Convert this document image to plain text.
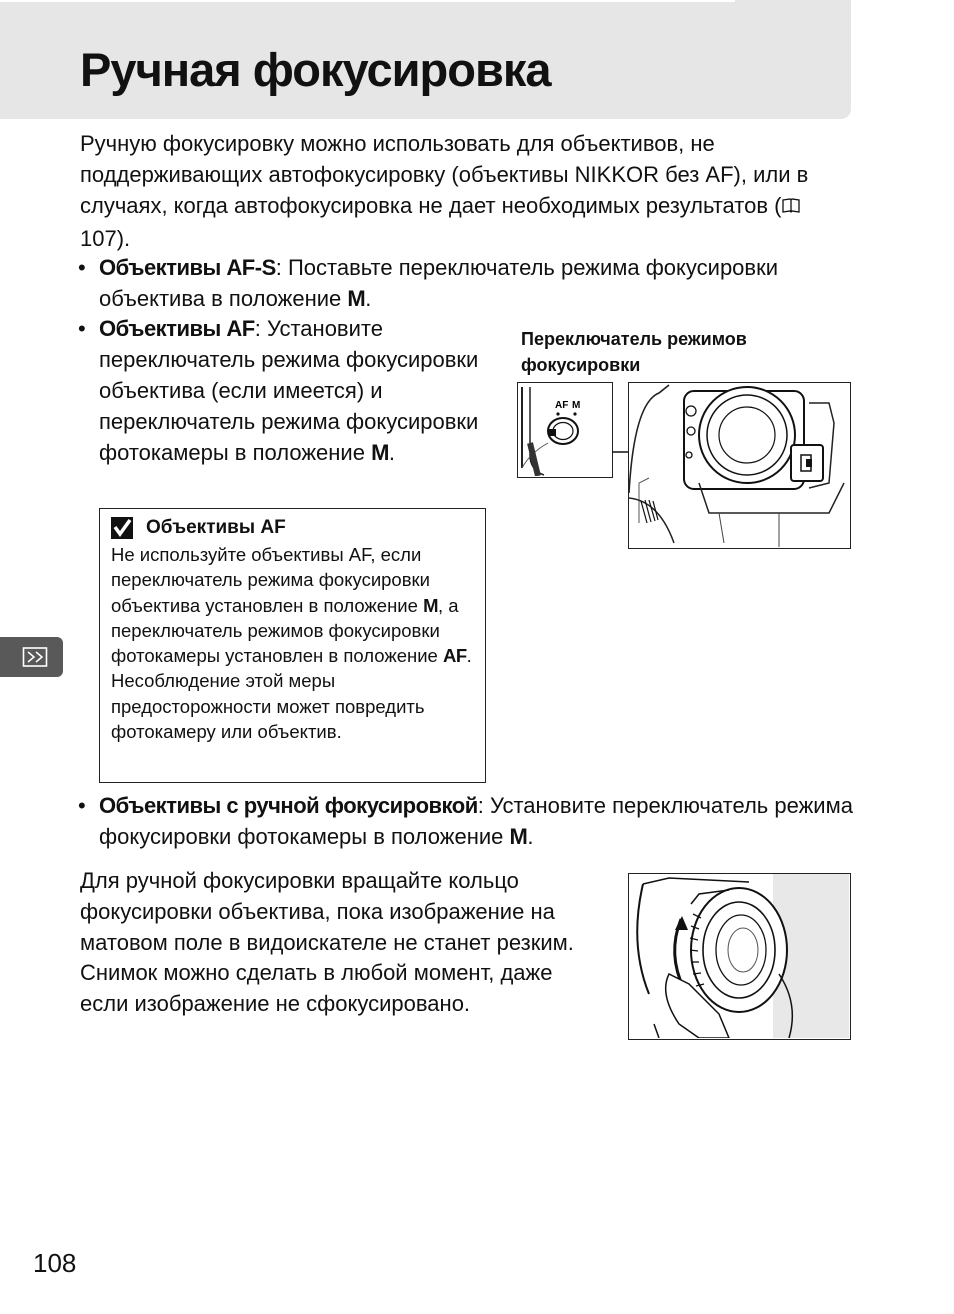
Ручная фокусировка

Ручную фокусировку можно использовать для объективов, не поддерживающих автофокусировку (объективы NIKKOR без AF), или в случаях, когда автофокусировка не дает необходимых результатов ( 107).

• Объективы AF-S: Поставьте переключатель режима фокусировки объектива в положение M.
• Объективы AF: Установите переключатель режима фокусировки объектива (если имеется) и переключатель режима фокусировки фотокамеры в положение M.

Переключатель режимов фокусировки

AF M
Объективы AF

Не используйте объективы AF, если переключатель режима фокусировки объектива установлен в положение M, а переключатель режимов фокусировки фотокамеры установлен в положение AF. Несоблюдение этой меры предосторожности может повредить фотокамеру или объектив.

• Объективы с ручной фокусировкой: Установите переключатель режима фокусировки фотокамеры в положение M.

Для ручной фокусировки вращайте кольцо фокусировки объектива, пока изображение на матовом поле в видоискателе не станет резким. Снимок можно сделать в любой момент, даже если изображение не сфокусировано.

108
